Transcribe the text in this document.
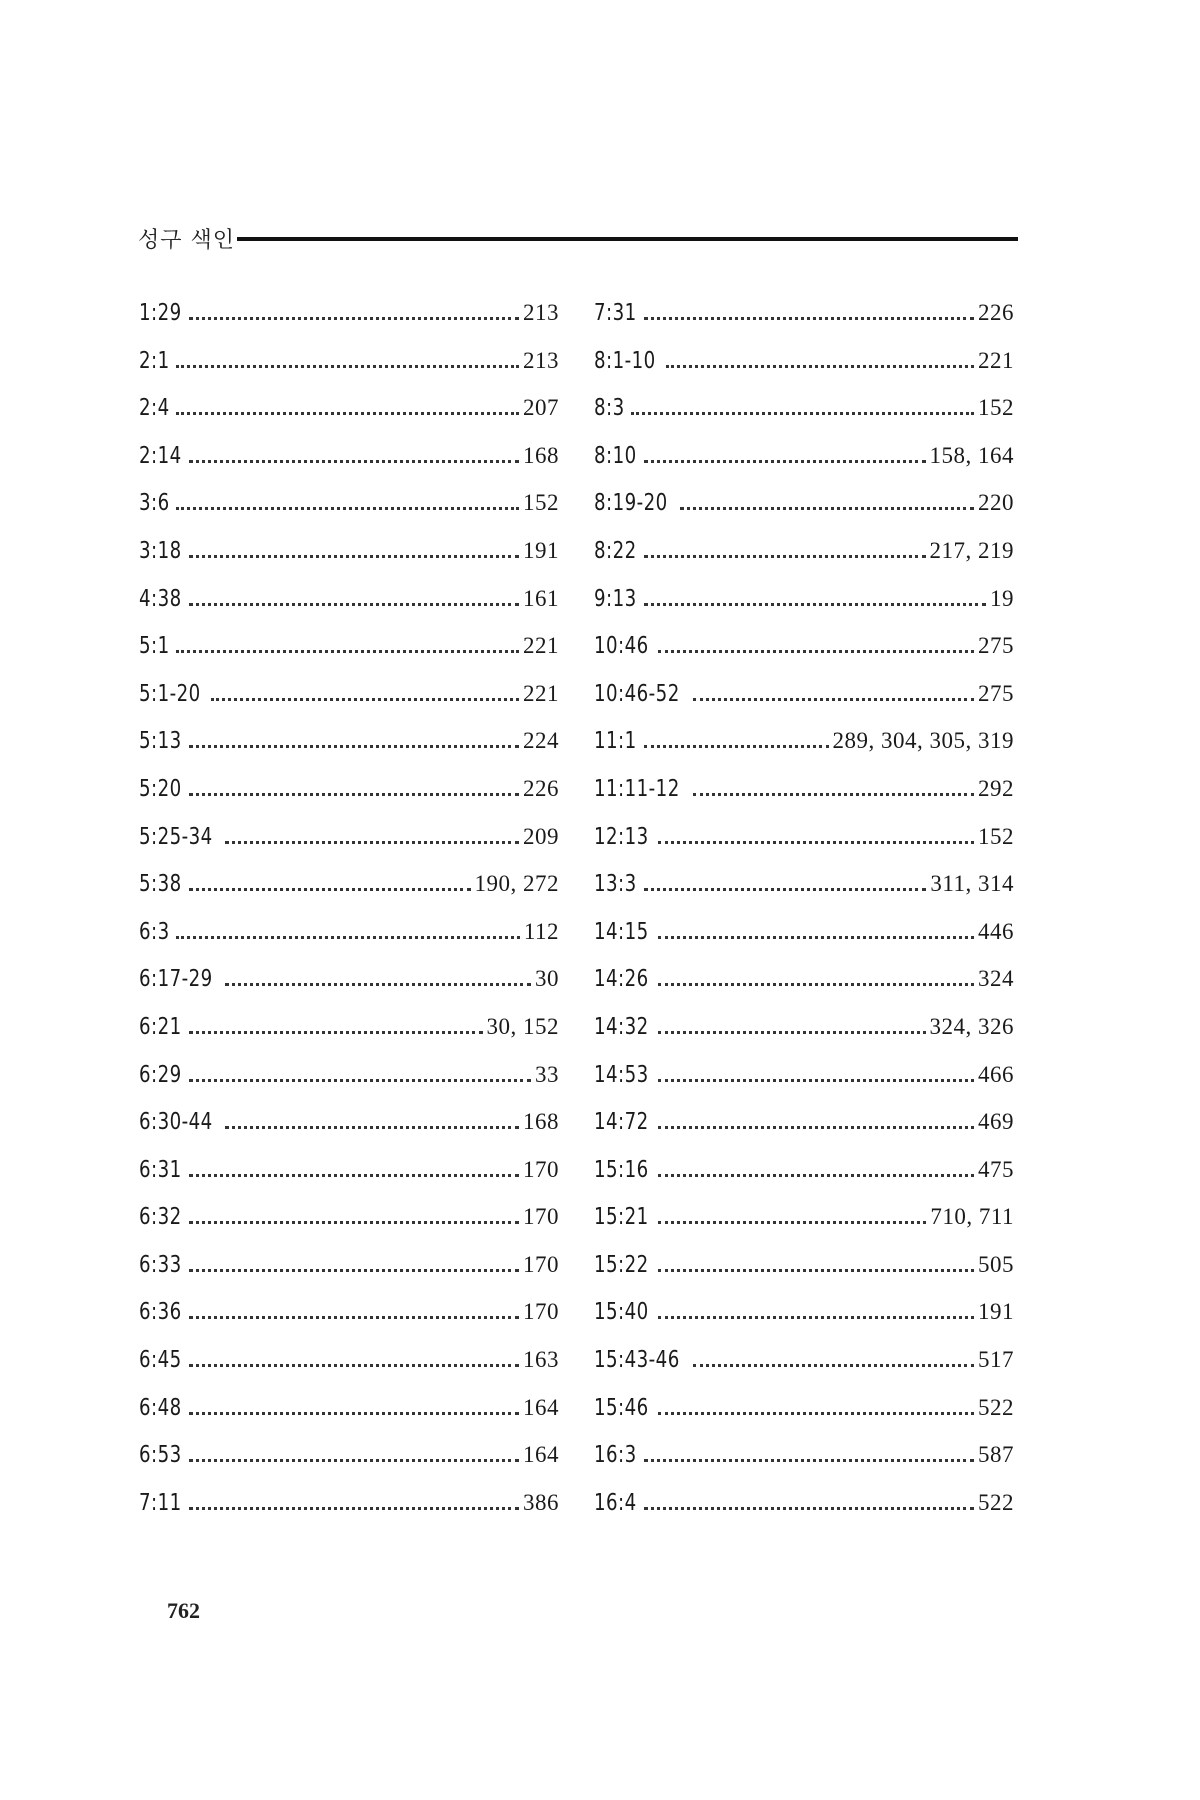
성구 색인
1:29	213
2:1	213
2:4	207
2:14	168
3:6	152
3:18	191
4:38	161
5:1	221
5:1-20	221
5:13	224
5:20	226
5:25-34	209
5:38	190, 272
6:3	112
6:17-29	30
6:21	30, 152
6:29	33
6:30-44	168
6:31	170
6:32	170
6:33	170
6:36	170
6:45	163
6:48	164
6:53	164
7:11	386
7:31	226
8:1-10	221
8:3	152
8:10	158, 164
8:19-20	220
8:22	217, 219
9:13	19
10:46	275
10:46-52	275
11:1	289, 304, 305, 319
11:11-12	292
12:13	152
13:3	311, 314
14:15	446
14:26	324
14:32	324, 326
14:53	466
14:72	469
15:16	475
15:21	710, 711
15:22	505
15:40	191
15:43-46	517
15:46	522
16:3	587
16:4	522
762
